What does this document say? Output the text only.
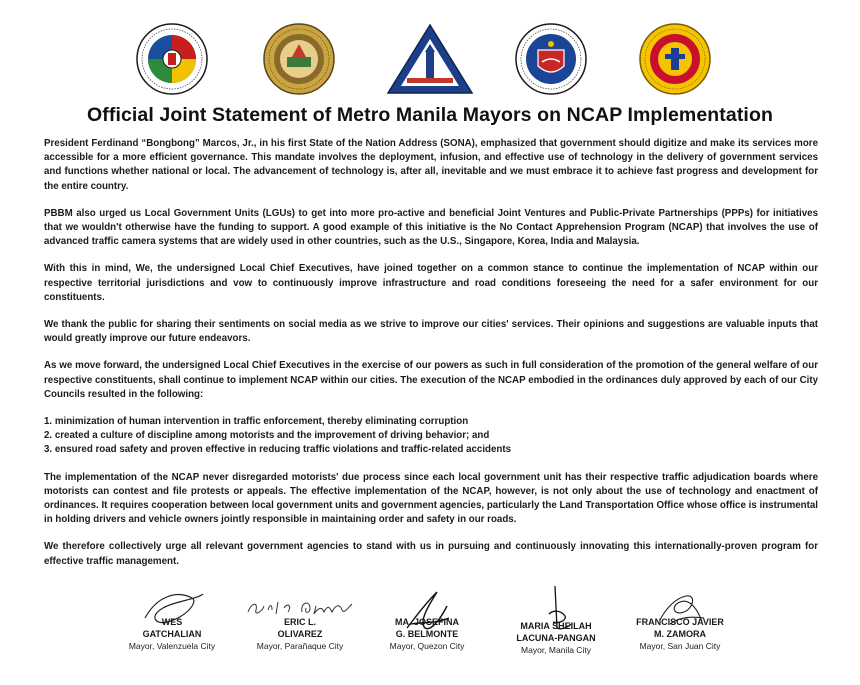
Official Joint Statement of Metro Manila Mayors on NCAP Implementation

President Ferdinand “Bongbong” Marcos, Jr., in his first State of the Nation Address (SONA), emphasized that government should digitize and make its services more accessible for a more efficient governance. This mandate involves the deployment, infusion, and effective use of technology in the delivery of government services and functions whether national or local. The advancement of technology is, after all, inevitable and we must embrace it to achieve fast progress and development for the entire country.

PBBM also urged us Local Government Units (LGUs) to get into more pro-active and beneficial Joint Ventures and Public-Private Partnerships (PPPs) for initiatives that we wouldn't otherwise have the funding to support. A good example of this initiative is the No Contact Apprehension Program (NCAP) that involves the use of advanced traffic camera systems that are widely used in other countries, such as the U.S., Singapore, Korea, India and Malaysia.

With this in mind, We, the undersigned Local Chief Executives, have joined together on a common stance to continue the implementation of NCAP within our respective territorial jurisdictions and vow to continuously improve infrastructure and road conditions foreseeing the need for a safer environment for our constituents.

We thank the public for sharing their sentiments on social media as we strive to improve our cities' services. Their opinions and suggestions are valuable inputs that would greatly improve our future endeavors.

As we move forward, the undersigned Local Chief Executives in the exercise of our powers as such in full consideration of the promotion of the general welfare of our respective constituents, shall continue to implement NCAP within our cities. The execution of the NCAP embodied in the ordinances duly approved by each of our City Councils resulted in the following:

1. minimization of human intervention in traffic enforcement, thereby eliminating corruption
2. created a culture of discipline among motorists and the improvement of driving behavior; and
3. ensured road safety and proven effective in reducing traffic violations and traffic-related accidents

The implementation of the NCAP never disregarded motorists' due process since each local government unit has their respective traffic adjudication boards where motorists can contest and file protests or appeals. The effective implementation of the NCAP, however, is not only about the use of technology and enactment of ordinances. It requires cooperation between local government units and government agencies, particularly the Land Transportation Office whose office is instrumental in holding drivers and vehicle owners jointly responsible in maintaining order and safety in our roads.

We therefore collectively urge all relevant government agencies to stand with us in pursuing and continuously innovating this internationally-proven program for effective traffic management.

WES
GATCHALIAN
Mayor, Valenzuela City
ERIC L.
OLIVAREZ
Mayor, Parañaque City
MA. JOSEFINA
G. BELMONTE
Mayor, Quezon City
MARIA SHEILAH
LACUNA-PANGAN
Mayor, Manila City
FRANCISCO JAVIER
M. ZAMORA
Mayor, San Juan City
